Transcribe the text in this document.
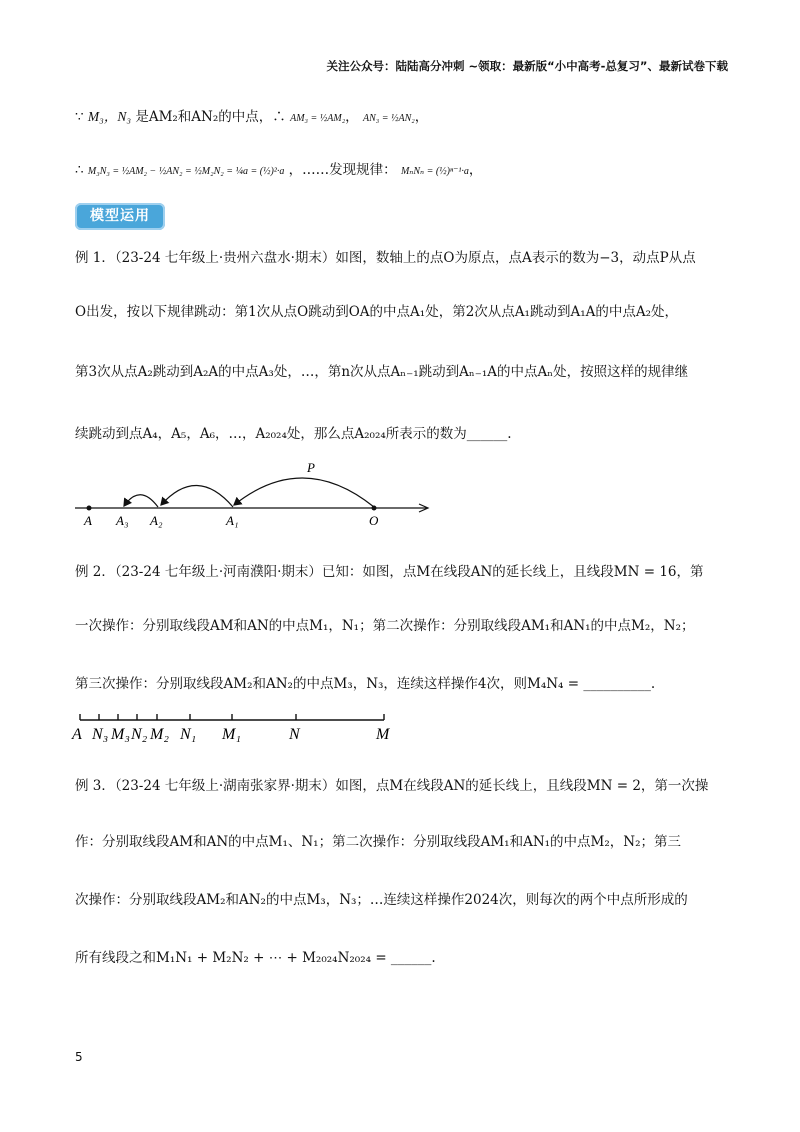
关注公众号：陆陆高分冲刺 ~领取：最新版“小中高考-总复习”、最新试卷下载
∵ M₃，N₃ 是AM₂和AN₂的中点，∴ AM₃ = ½AM₂， AN₃ = ½AN₂，
∴ M₃N₃ = ½AM₂ − ½AN₂ = ½M₂N₂ = ¼a = (½)²·a ，……发现规律： MₙNₙ = (½)ⁿ⁻¹·a，
模型运用
例 1．（23-24 七年级上·贵州六盘水·期末）如图，数轴上的点O为原点，点A表示的数为−3，动点P从点
O出发，按以下规律跳动：第1次从点O跳动到OA的中点A₁处，第2次从点A₁跳动到A₁A的中点A₂处，
第3次从点A₂跳动到A₂A的中点A₃处，…，第n次从点Aₙ₋₁跳动到Aₙ₋₁A的中点Aₙ处，按照这样的规律继
续跳动到点A₄，A₅，A₆，…，A₂₀₂₄处，那么点A₂₀₂₄所表示的数为______.
A A₃ A₂	A₁	O
P
例 2．（23-24 七年级上·河南濮阳·期末）已知：如图，点M在线段AN的延长线上，且线段MN = 16，第
一次操作：分别取线段AM和AN的中点M₁，N₁；第二次操作：分别取线段AM₁和AN₁的中点M₂，N₂；
第三次操作：分别取线段AM₂和AN₂的中点M₃，N₃，连续这样操作4次，则M₄N₄ = __________.
A N₃ M₃ N₂ M₂ N₁ M₁	N	M
例 3．（23-24 七年级上·湖南张家界·期末）如图，点M在线段AN的延长线上，且线段MN = 2，第一次操
作：分别取线段AM和AN的中点M₁、N₁；第二次操作：分别取线段AM₁和AN₁的中点M₂，N₂；第三
次操作：分别取线段AM₂和AN₂的中点M₃，N₃；…连续这样操作2024次，则每次的两个中点所形成的
所有线段之和M₁N₁ + M₂N₂ + ⋯ + M₂₀₂₄N₂₀₂₄ = ______.
5
